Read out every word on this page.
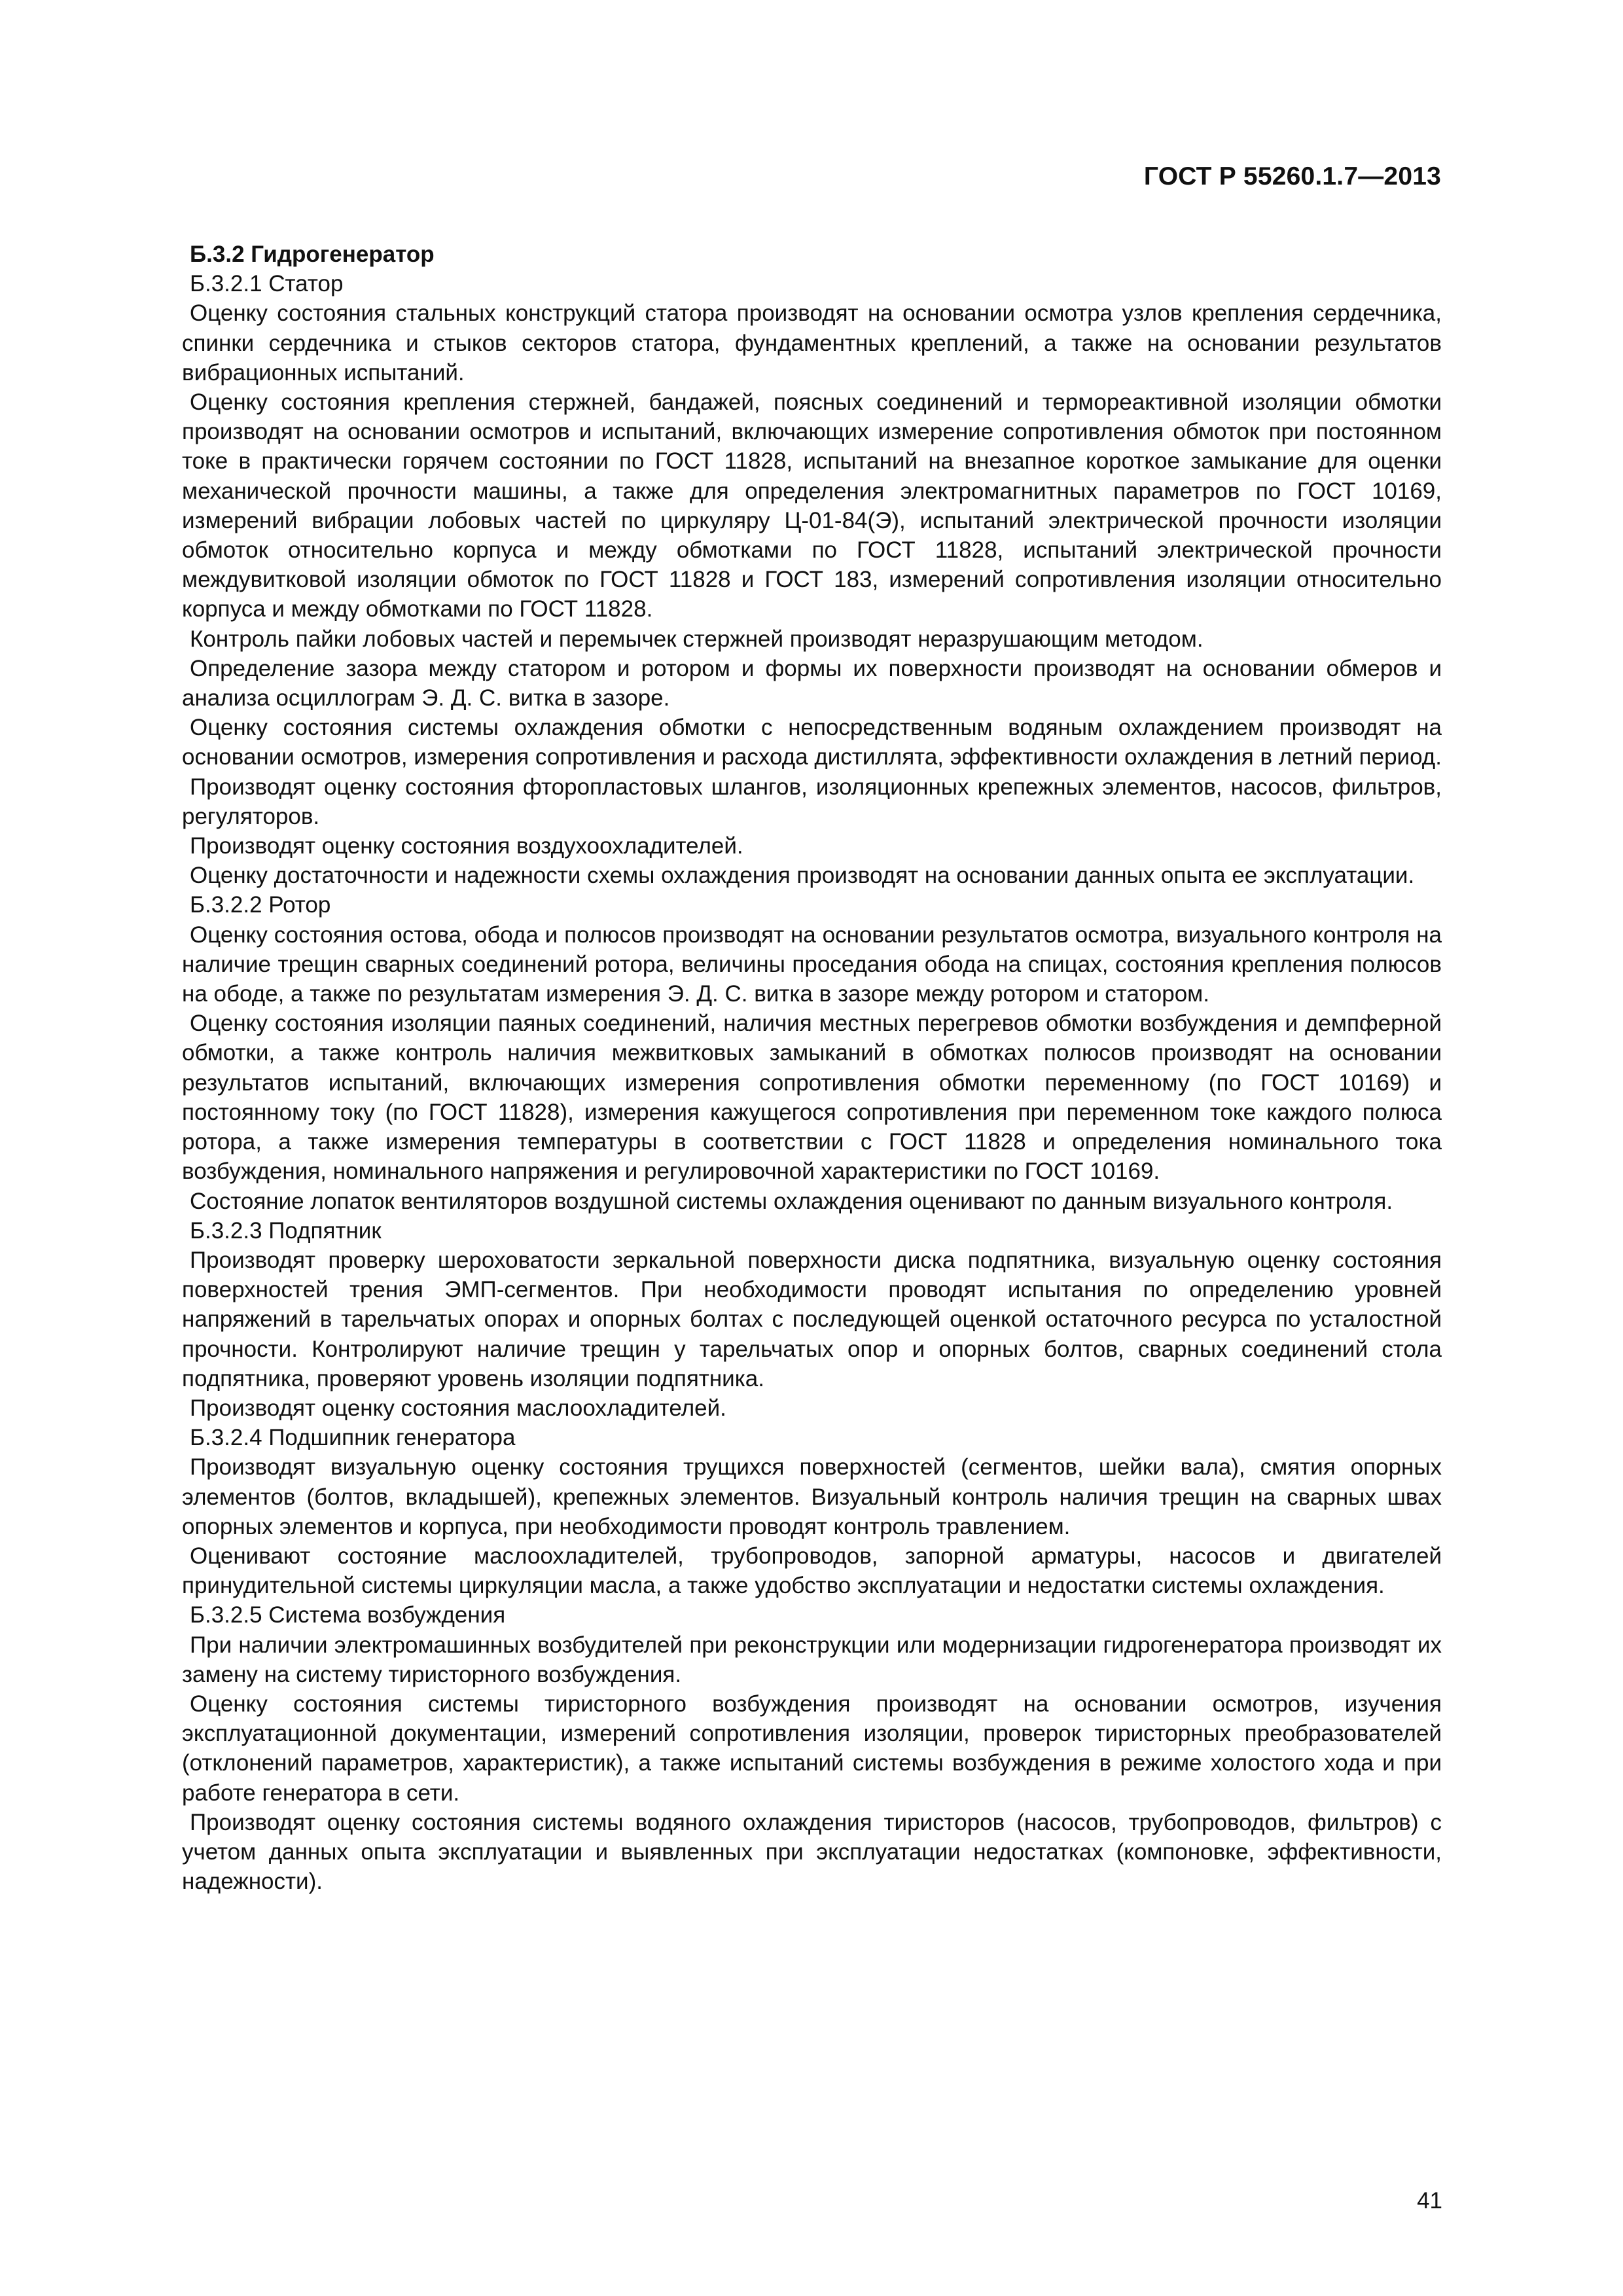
ГОСТ Р 55260.1.7—2013

Б.3.2 Гидрогенератор

Б.3.2.1 Статор

Оценку состояния стальных конструкций статора производят на основании осмотра узлов крепления сердечника, спинки сердечника и стыков секторов статора, фундаментных креплений, а также на основании результатов вибрационных испытаний.

Оценку состояния крепления стержней, бандажей, поясных соединений и термореактивной изоляции обмотки производят на основании осмотров и испытаний, включающих измерение сопротивления обмоток при постоянном токе в практически горячем состоянии по ГОСТ 11828, испытаний на внезапное короткое замыкание для оценки механической прочности машины, а также для определения электромагнитных параметров по ГОСТ 10169, измерений вибрации лобовых частей по циркуляру Ц-01-84(Э), испытаний электрической прочности изоляции обмоток относительно корпуса и между обмотками по ГОСТ 11828, испытаний электрической прочности междувитковой изоляции обмоток по ГОСТ 11828 и ГОСТ 183, измерений сопротивления изоляции относительно корпуса и между обмотками по ГОСТ 11828.

Контроль пайки лобовых частей и перемычек стержней производят неразрушающим методом.

Определение зазора между статором и ротором и формы их поверхности производят на основании обмеров и анализа осциллограм Э. Д. С. витка в зазоре.

Оценку состояния системы охлаждения обмотки с непосредственным водяным охлаждением производят на основании осмотров, измерения сопротивления и расхода дистиллята, эффективности охлаждения в летний период.

Производят оценку состояния фторопластовых шлангов, изоляционных крепежных элементов, насосов, фильтров, регуляторов.

Производят оценку состояния воздухоохладителей.

Оценку достаточности и надежности схемы охлаждения производят на основании данных опыта ее эксплуатации.

Б.3.2.2 Ротор

Оценку состояния остова, обода и полюсов производят на основании результатов осмотра, визуального контроля на наличие трещин сварных соединений ротора, величины проседания обода на спицах, состояния крепления полюсов на ободе, а также по результатам измерения Э. Д. С. витка в зазоре между ротором и статором.

Оценку состояния изоляции паяных соединений, наличия местных перегревов обмотки возбуждения и демпферной обмотки, а также контроль наличия межвитковых замыканий в обмотках полюсов производят на основании результатов испытаний, включающих измерения сопротивления обмотки переменному (по ГОСТ 10169) и постоянному току (по ГОСТ 11828), измерения кажущегося сопротивления при переменном токе каждого полюса ротора, а также измерения температуры в соответствии с ГОСТ 11828 и определения номинального тока возбуждения, номинального напряжения и регулировочной характеристики по ГОСТ 10169.

Состояние лопаток вентиляторов воздушной системы охлаждения оценивают по данным визуального контроля.

Б.3.2.3 Подпятник

Производят проверку шероховатости зеркальной поверхности диска подпятника, визуальную оценку состояния поверхностей трения ЭМП-сегментов. При необходимости проводят испытания по определению уровней напряжений в тарельчатых опорах и опорных болтах с последующей оценкой остаточного ресурса по усталостной прочности. Контролируют наличие трещин у тарельчатых опор и опорных болтов, сварных соединений стола подпятника, проверяют уровень изоляции подпятника.

Производят оценку состояния маслоохладителей.

Б.3.2.4 Подшипник генератора

Производят визуальную оценку состояния трущихся поверхностей (сегментов, шейки вала), смятия опорных элементов (болтов, вкладышей), крепежных элементов. Визуальный контроль наличия трещин на сварных швах опорных элементов и корпуса, при необходимости проводят контроль травлением.

Оценивают состояние маслоохладителей, трубопроводов, запорной арматуры, насосов и двигателей принудительной системы циркуляции масла, а также удобство эксплуатации и недостатки системы охлаждения.

Б.3.2.5 Система возбуждения

При наличии электромашинных возбудителей при реконструкции или модернизации гидрогенератора производят их замену на систему тиристорного возбуждения.

Оценку состояния системы тиристорного возбуждения производят на основании осмотров, изучения эксплуатационной документации, измерений сопротивления изоляции, проверок тиристорных преобразователей (отклонений параметров, характеристик), а также испытаний системы возбуждения в режиме холостого хода и при работе генератора в сети.

Производят оценку состояния системы водяного охлаждения тиристоров (насосов, трубопроводов, фильтров) с учетом данных опыта эксплуатации и выявленных при эксплуатации недостатках (компоновке, эффективности, надежности).

41
